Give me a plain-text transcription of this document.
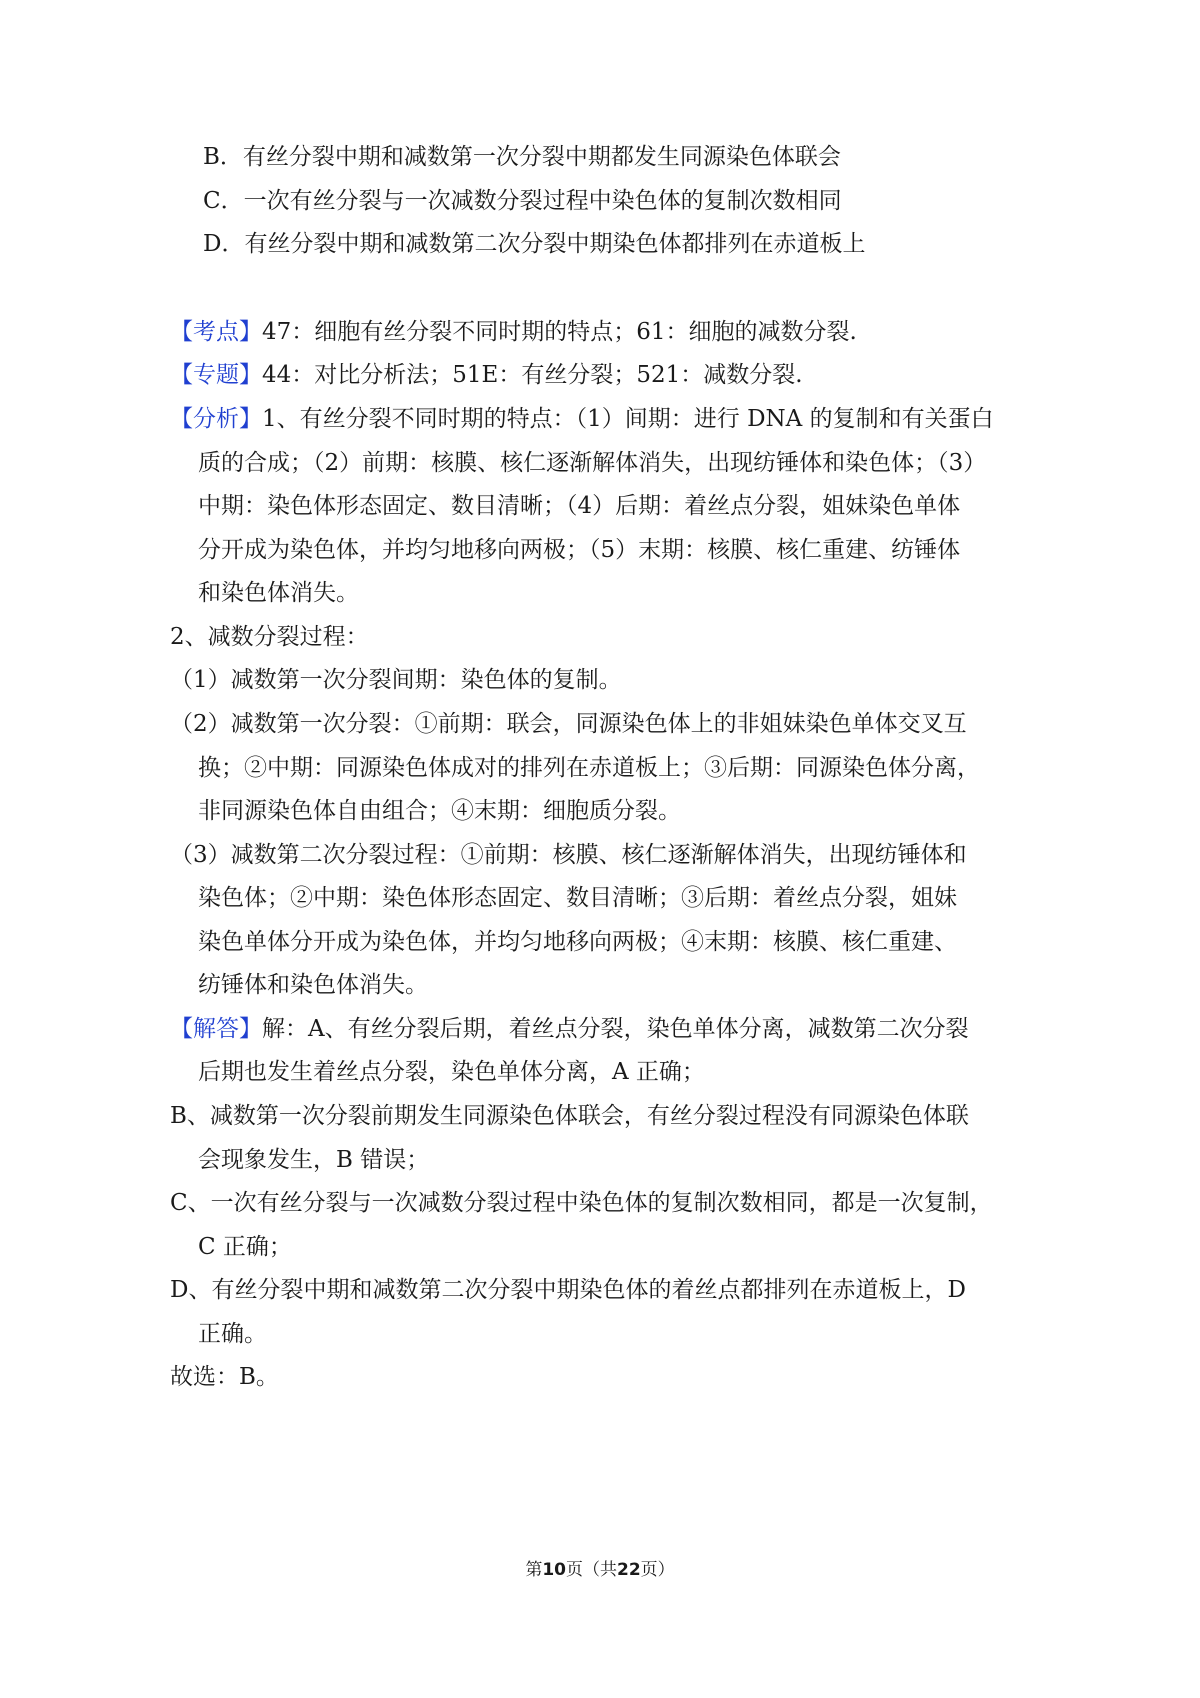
B．有丝分裂中期和减数第一次分裂中期都发生同源染色体联会
C．一次有丝分裂与一次减数分裂过程中染色体的复制次数相同
D．有丝分裂中期和减数第二次分裂中期染色体都排列在赤道板上
【考点】47：细胞有丝分裂不同时期的特点；61：细胞的减数分裂.
【专题】44：对比分析法；51E：有丝分裂；521：减数分裂.
【分析】1、有丝分裂不同时期的特点：（1）间期：进行 DNA 的复制和有关蛋白
质的合成；（2）前期：核膜、核仁逐渐解体消失，出现纺锤体和染色体；（3）
中期：染色体形态固定、数目清晰；（4）后期：着丝点分裂，姐妹染色单体
分开成为染色体，并均匀地移向两极；（5）末期：核膜、核仁重建、纺锤体
和染色体消失。
2、减数分裂过程：
（1）减数第一次分裂间期：染色体的复制。
（2）减数第一次分裂：①前期：联会，同源染色体上的非姐妹染色单体交叉互
换；②中期：同源染色体成对的排列在赤道板上；③后期：同源染色体分离，
非同源染色体自由组合；④末期：细胞质分裂。
（3）减数第二次分裂过程：①前期：核膜、核仁逐渐解体消失，出现纺锤体和
染色体；②中期：染色体形态固定、数目清晰；③后期：着丝点分裂，姐妹
染色单体分开成为染色体，并均匀地移向两极；④末期：核膜、核仁重建、
纺锤体和染色体消失。
【解答】解：A、有丝分裂后期，着丝点分裂，染色单体分离，减数第二次分裂
后期也发生着丝点分裂，染色单体分离，A 正确；
B、减数第一次分裂前期发生同源染色体联会，有丝分裂过程没有同源染色体联
会现象发生，B 错误；
C、一次有丝分裂与一次减数分裂过程中染色体的复制次数相同，都是一次复制，
C 正确；
D、有丝分裂中期和减数第二次分裂中期染色体的着丝点都排列在赤道板上，D
正确。
故选：B。
第10页（共22页）
